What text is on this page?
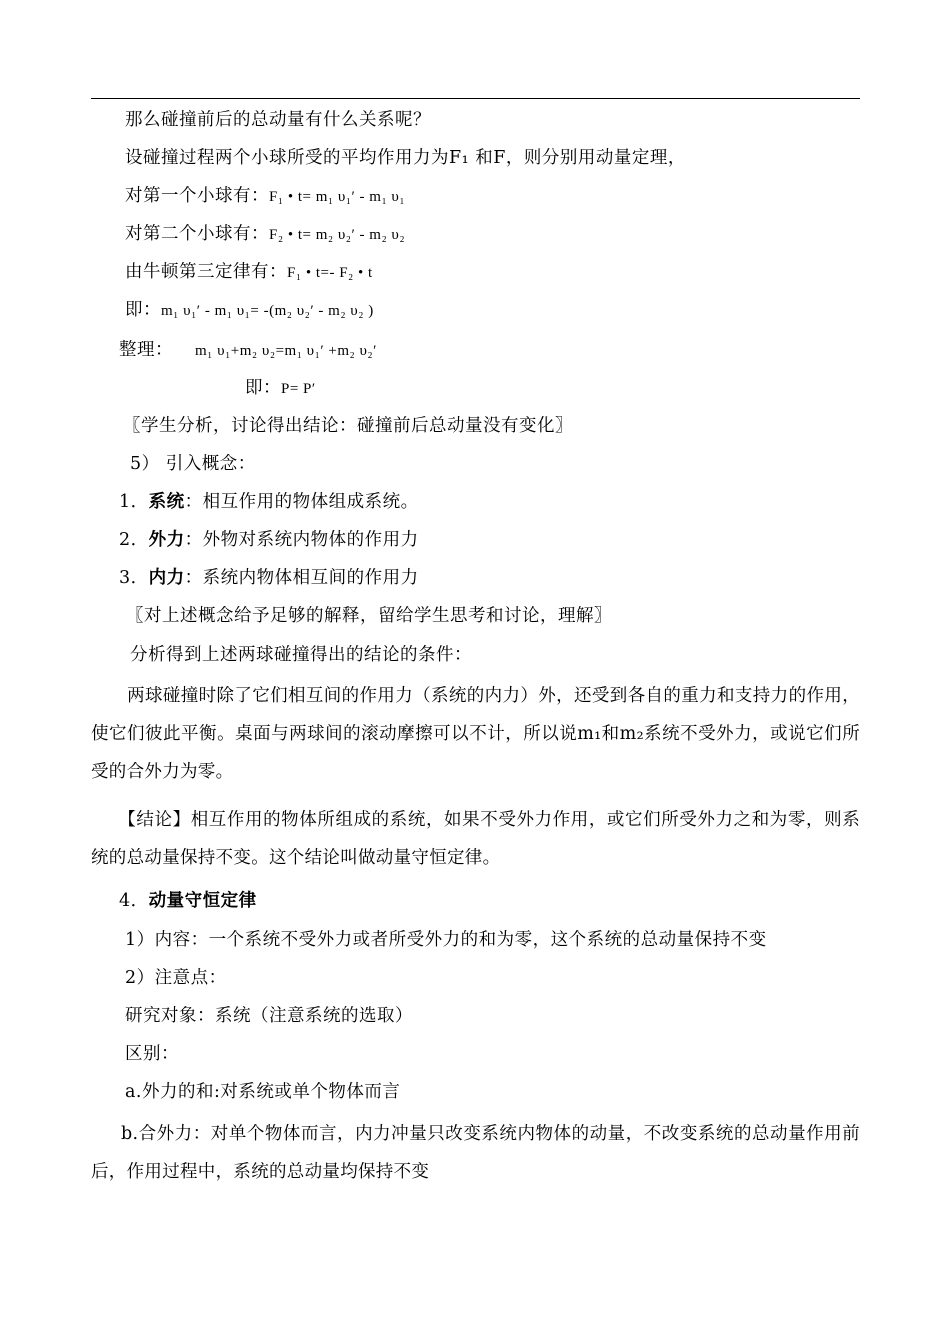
那么碰撞前后的总动量有什么关系呢？
设碰撞过程两个小球所受的平均作用力为F₁ 和F，则分别用动量定理，
对第一个小球有：F₁ • t= m₁ υ₁′ - m₁ υ₁
对第二个小球有：F₂ • t= m₂ υ₂′ - m₂ υ₂
由牛顿第三定律有：F₁ • t=- F₂ • t
即：m₁ υ₁′ - m₁ υ₁= -(m₂ υ₂′ - m₂ υ₂ )
整理： m₁ υ₁+m₂ υ₂=m₁ υ₁′ +m₂ υ₂′
即：P= P′
〖学生分析，讨论得出结论：碰撞前后总动量没有变化〗
5） 引入概念：
1．系统：相互作用的物体组成系统。
2．外力：外物对系统内物体的作用力
3．内力：系统内物体相互间的作用力
〖对上述概念给予足够的解释，留给学生思考和讨论，理解〗
分析得到上述两球碰撞得出的结论的条件：
两球碰撞时除了它们相互间的作用力（系统的内力）外，还受到各自的重力和支持力的作用，使它们彼此平衡。桌面与两球间的滚动摩擦可以不计，所以说m₁和m₂系统不受外力，或说它们所受的合外力为零。
【结论】相互作用的物体所组成的系统，如果不受外力作用，或它们所受外力之和为零，则系统的总动量保持不变。这个结论叫做动量守恒定律。
4．动量守恒定律
1）内容：一个系统不受外力或者所受外力的和为零，这个系统的总动量保持不变
2）注意点：
研究对象：系统（注意系统的选取）
区别：
a.外力的和:对系统或单个物体而言
b.合外力：对单个物体而言，内力冲量只改变系统内物体的动量，不改变系统的总动量作用前后，作用过程中，系统的总动量均保持不变
